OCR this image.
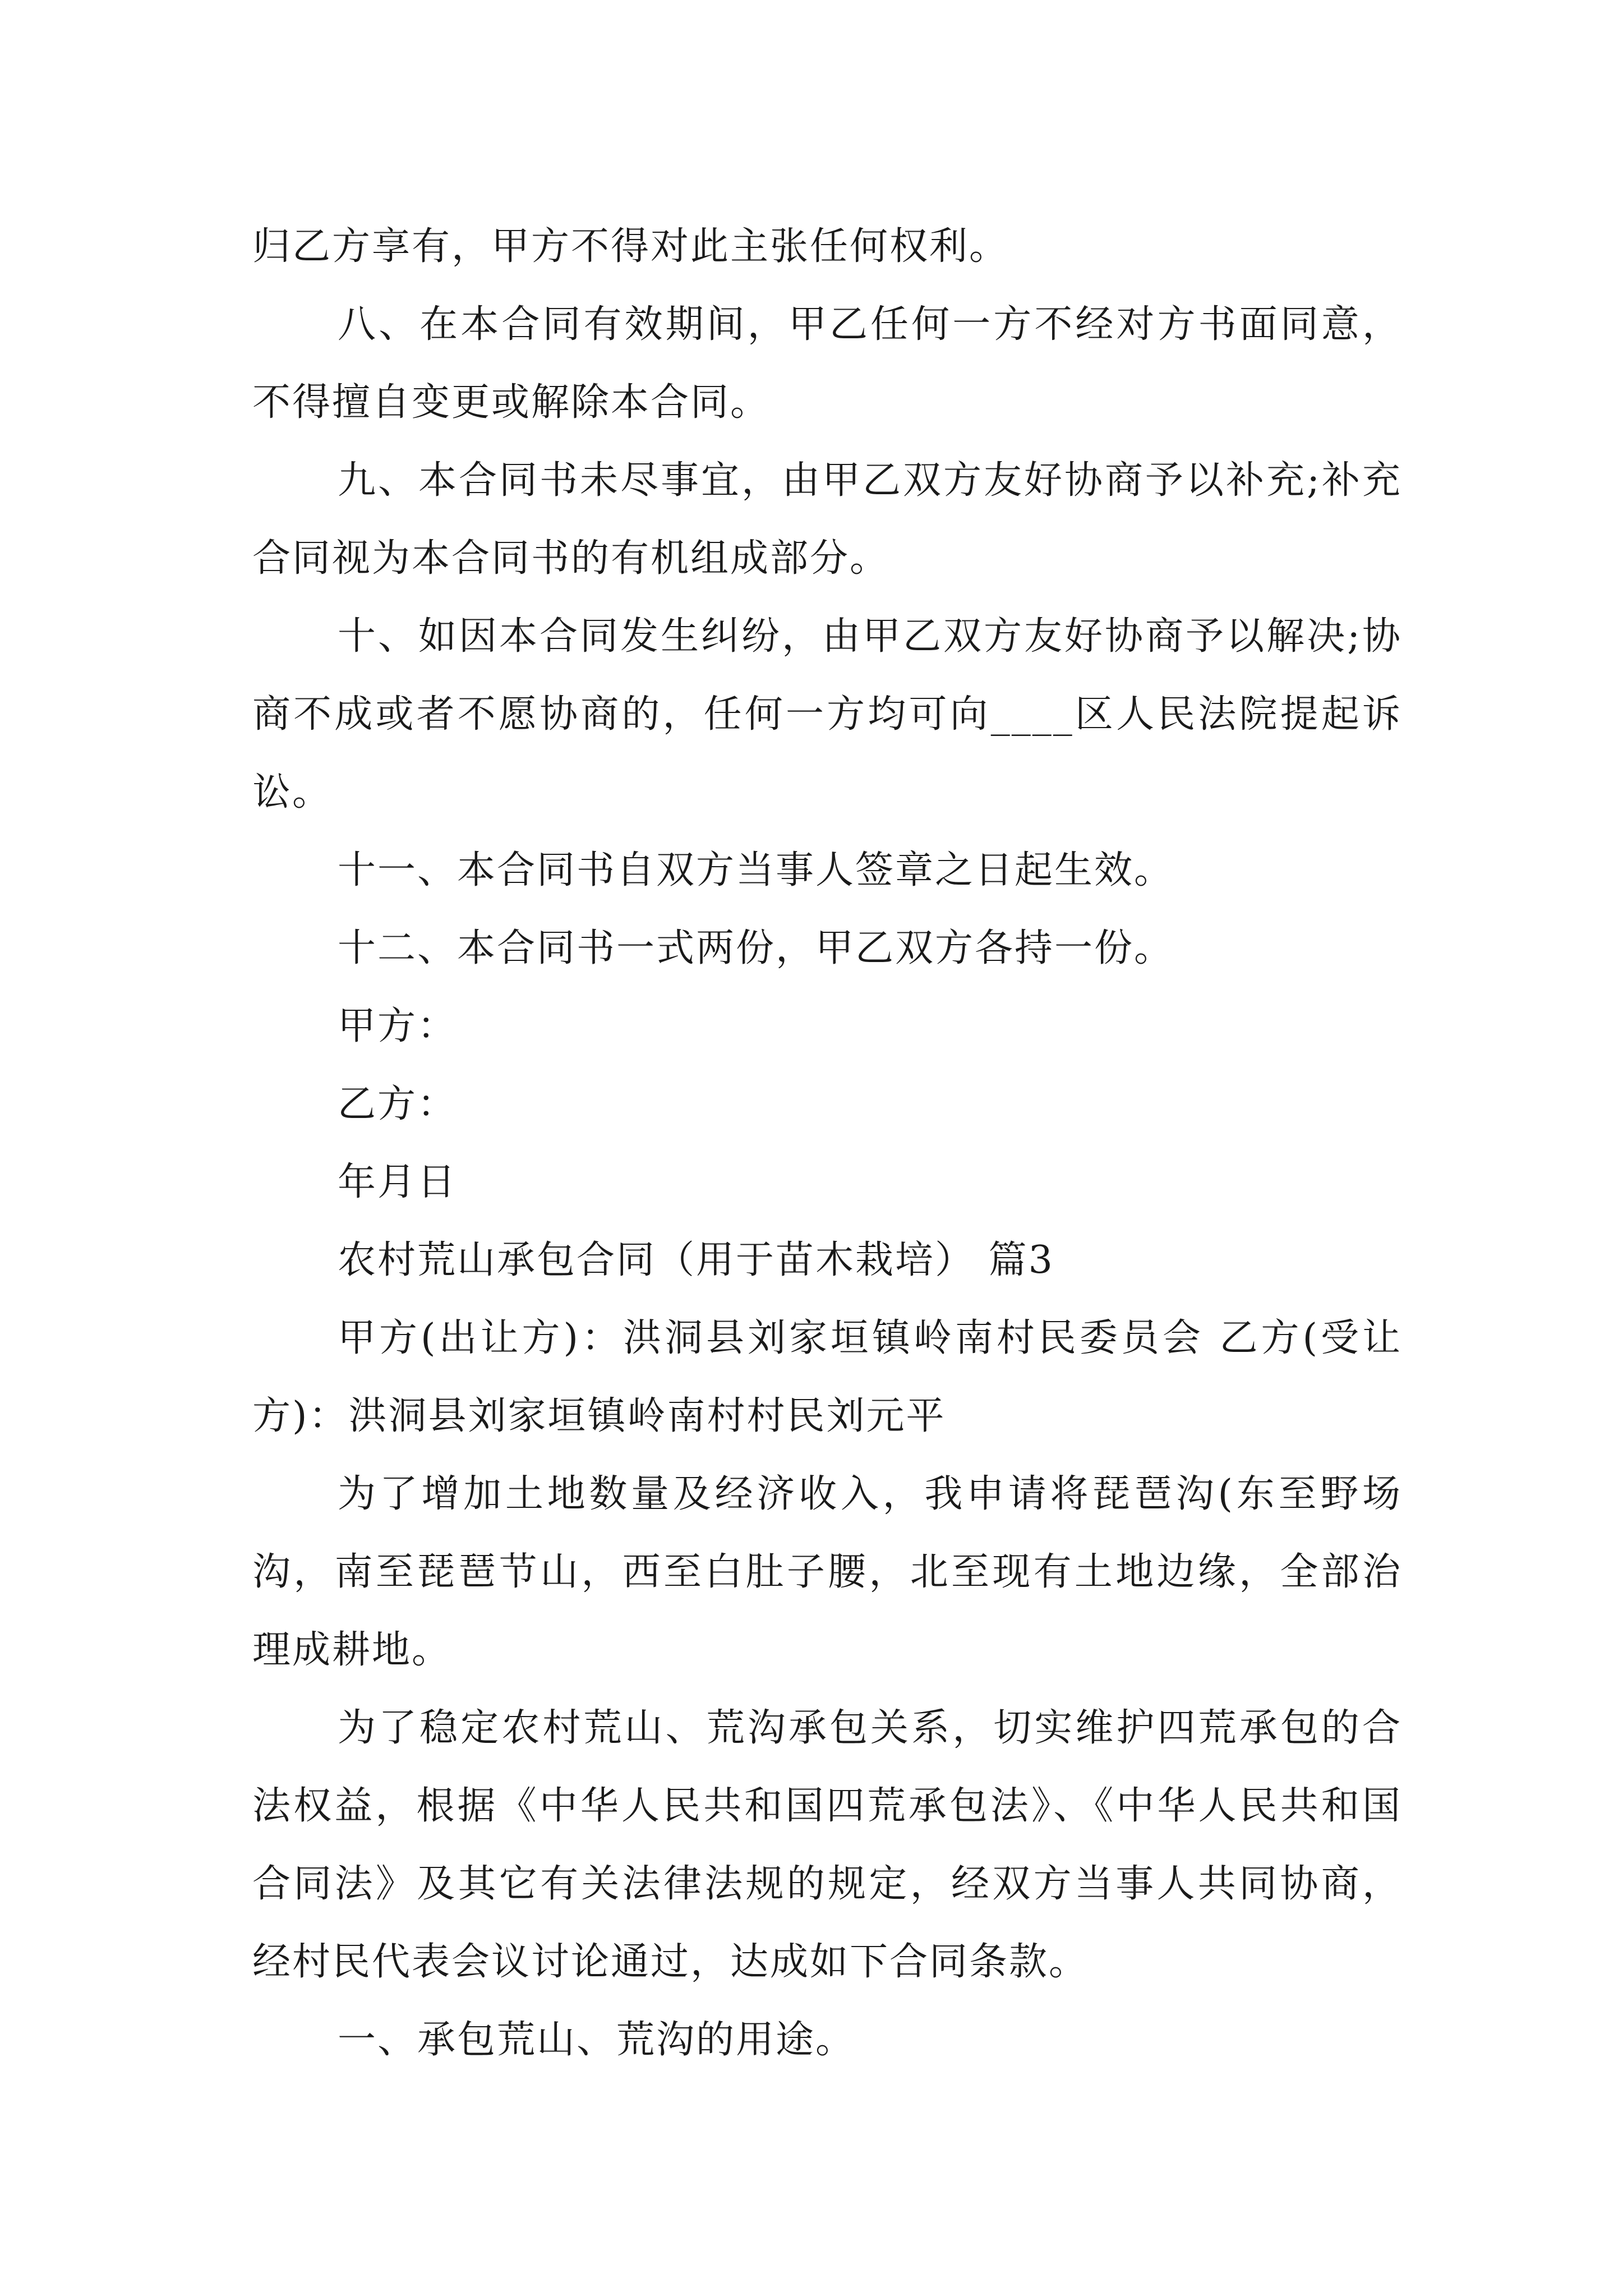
归乙方享有，甲方不得对此主张任何权利。

八、在本合同有效期间，甲乙任何一方不经对方书面同意，不得擅自变更或解除本合同。

九、本合同书未尽事宜，由甲乙双方友好协商予以补充;补充合同视为本合同书的有机组成部分。

十、如因本合同发生纠纷，由甲乙双方友好协商予以解决;协商不成或者不愿协商的，任何一方均可向____区人民法院提起诉讼。

十一、本合同书自双方当事人签章之日起生效。

十二、本合同书一式两份，甲乙双方各持一份。

甲方：

乙方：

年月日

农村荒山承包合同（用于苗木栽培） 篇3

甲方(出让方)：洪洞县刘家垣镇岭南村民委员会 乙方(受让方)：洪洞县刘家垣镇岭南村村民刘元平

为了增加土地数量及经济收入，我申请将琵琶沟(东至野场沟，南至琵琶节山，西至白肚子腰，北至现有土地边缘，全部治理成耕地。

为了稳定农村荒山、荒沟承包关系，切实维护四荒承包的合法权益，根据《中华人民共和国四荒承包法》、《中华人民共和国合同法》及其它有关法律法规的规定，经双方当事人共同协商，经村民代表会议讨论通过，达成如下合同条款。

一、承包荒山、荒沟的用途。
